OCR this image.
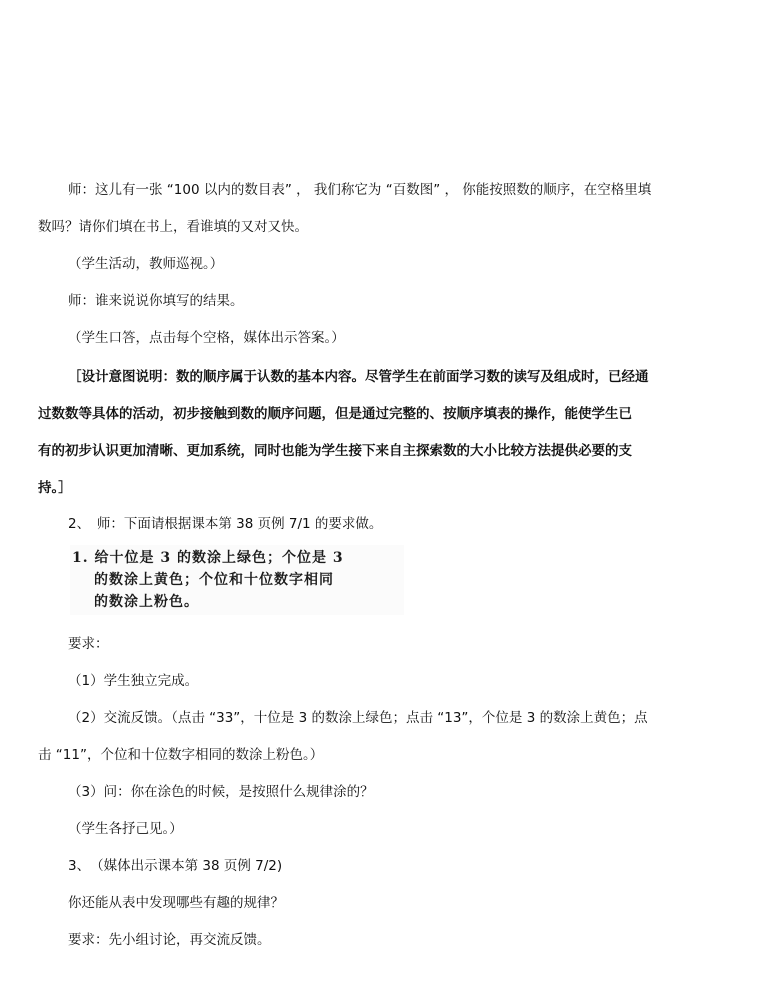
师：这儿有一张 “100 以内的数目表” ， 我们称它为 “百数图” ， 你能按照数的顺序，在空格里填

数吗？请你们填在书上，看谁填的又对又快。

（学生活动，教师巡视。）

师：谁来说说你填写的结果。

（学生口答，点击每个空格，媒体出示答案。）

［设计意图说明：数的顺序属于认数的基本内容。尽管学生在前面学习数的读写及组成时，已经通

过数数等具体的活动，初步接触到数的顺序问题，但是通过完整的、按顺序填表的操作，能使学生已

有的初步认识更加清晰、更加系统，同时也能为学生接下来自主探索数的大小比较方法提供必要的支

持。］

2、　师：下面请根据课本第 38 页例 7/1 的要求做。

1. 给十位是 3 的数涂上绿色；个位是 3
的数涂上黄色；个位和十位数字相同
的数涂上粉色。

要求：

（1）学生独立完成。

（2）交流反馈。（点击 “33”，十位是 3 的数涂上绿色；点击 “13”，个位是 3 的数涂上黄色；点

击 “11”，个位和十位数字相同的数涂上粉色。）

（3）问：你在涂色的时候，是按照什么规律涂的？

（学生各抒己见。）

3、　（媒体出示课本第 38 页例 7/2)

你还能从表中发现哪些有趣的规律？

要求：先小组讨论，再交流反馈。
